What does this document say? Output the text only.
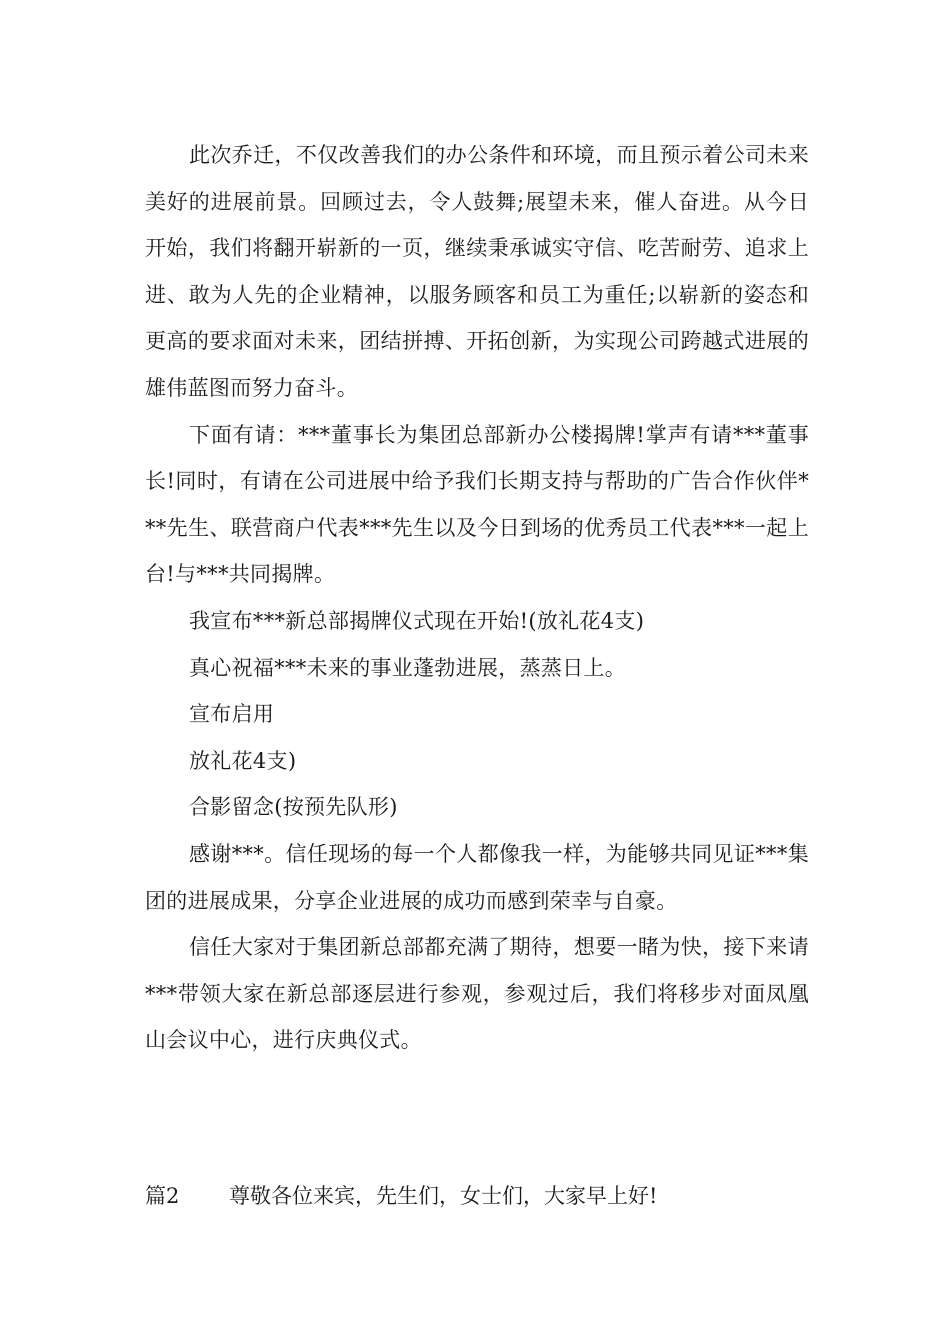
此次乔迁，不仅改善我们的办公条件和环境，而且预示着公司未来美好的进展前景。回顾过去，令人鼓舞;展望未来，催人奋进。从今日开始，我们将翻开崭新的一页，继续秉承诚实守信、吃苦耐劳、追求上进、敢为人先的企业精神，以服务顾客和员工为重任;以崭新的姿态和更高的要求面对未来，团结拼搏、开拓创新，为实现公司跨越式进展的雄伟蓝图而努力奋斗。

下面有请：***董事长为集团总部新办公楼揭牌!掌声有请***董事长!同时，有请在公司进展中给予我们长期支持与帮助的广告合作伙伴***先生、联营商户代表***先生以及今日到场的优秀员工代表***一起上台!与***共同揭牌。

我宣布***新总部揭牌仪式现在开始!(放礼花4支)

真心祝福***未来的事业蓬勃进展，蒸蒸日上。

宣布启用

放礼花4支)

合影留念(按预先队形)

感谢***。信任现场的每一个人都像我一样，为能够共同见证***集团的进展成果，分享企业进展的成功而感到荣幸与自豪。

信任大家对于集团新总部都充满了期待，想要一睹为快，接下来请***带领大家在新总部逐层进行参观，参观过后，我们将移步对面凤凰山会议中心，进行庆典仪式。

篇2 尊敬各位来宾，先生们，女士们，大家早上好!
